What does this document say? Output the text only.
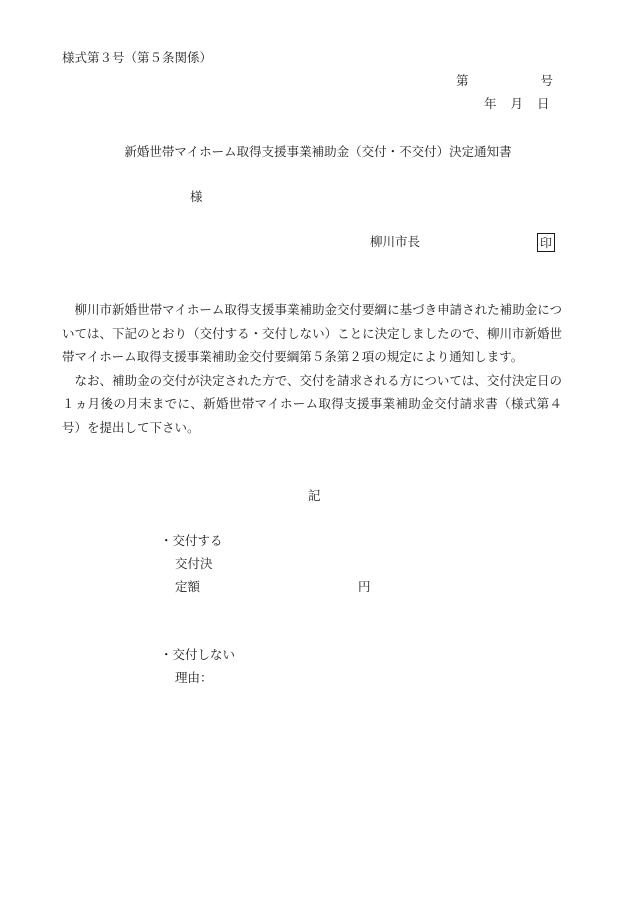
様式第３号（第５条関係）
第	号
年 月 日
新婚世帯マイホーム取得支援事業補助金（交付・不交付）決定通知書
様
柳川市長	印

柳川市新婚世帯マイホーム取得支援事業補助金交付要綱に基づき申請された補助金については、下記のとおり（交付する・交付しない）ことに決定しましたので、柳川市新婚世帯マイホーム取得支援事業補助金交付要綱第５条第２項の規定により通知します。

なお、補助金の交付が決定された方で、交付を請求される方については、交付決定日の１ヵ月後の月末までに、新婚世帯マイホーム取得支援事業補助金交付請求書（様式第４号）を提出して下さい。

記
・交付する
交付決
定額	円
・交付しない
理由：
